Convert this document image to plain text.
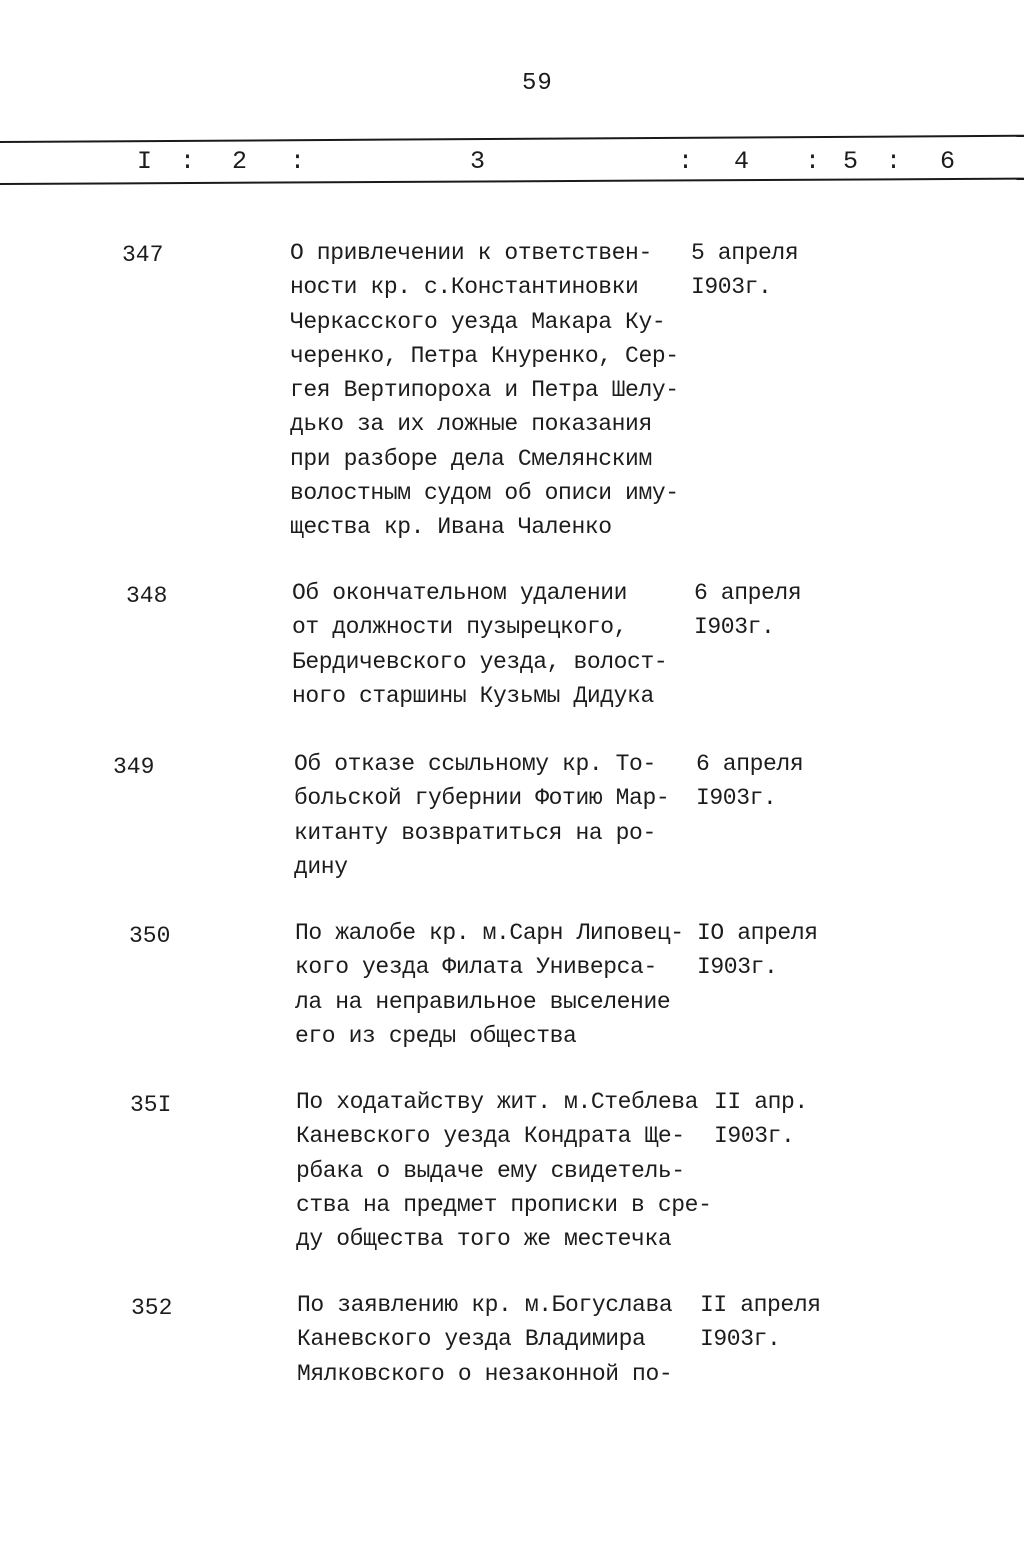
59
I : 2 :	3	: 4 : 5 : 6
347	О привлечении к ответствен-
ности кр. с.Константиновки
Черкасского уезда Макара Ку-
черенко, Петра Кнуренко, Сер-
гея Вертипороха и Петра Шелу-
дько за их ложные показания
при разборе дела Смелянским
волостным судом об описи иму-
щества кр. Ивана Чаленко
5 апреля
I903г.
348	Об окончательном удалении
от должности пузырецкого,
Бердичевского уезда, волост-
ного старшины Кузьмы Дидука
6 апреля
I903г.
349	Об отказе ссыльному кр. То-
больской губернии Фотию Мар-
китанту возвратиться на ро-
дину
6 апреля
I903г.
350	По жалобе кр. м.Сарн Липовец-
кого уезда Филата Универса-
ла на неправильное выселение
его из среды общества
IO апреля
I903г.
35I	По ходатайству жит. м.Стеблева
Каневского уезда Кондрата Ще-
рбака о выдаче ему свидетель-
ства на предмет прописки в сре-
ду общества того же местечка
II апр.
I903г.
352	По заявлению кр. м.Богуслава
Каневского уезда Владимира
Мялковского о незаконной по-
II апреля
I903г.
